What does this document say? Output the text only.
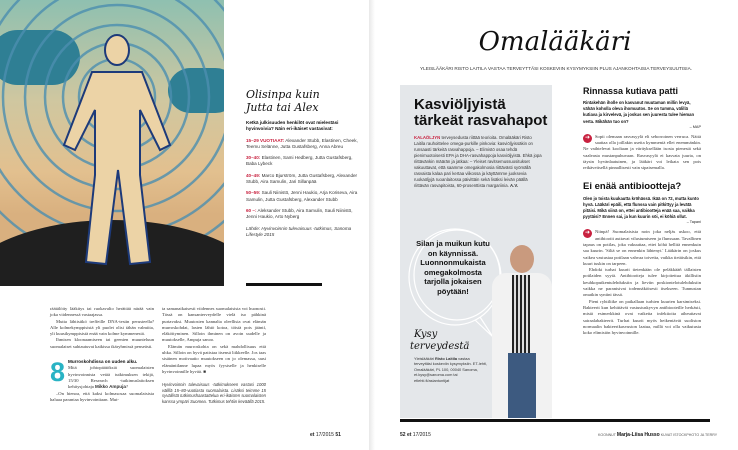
Olisinpa kuin
Jutta tai Alex

Ketkä julkisuuden henkilöt ovat mielestäsi hyvinvoivia? Näin eri-ikäiset vastasivat:

15–29 VUOTIAAT: Alexander Stubb, Elastinen, Cheek, Teemu Selänne, Jutta Gustafsberg, Anna Abreu

30–40: Elastinen, Sami Hedberg, Jutta Gustafsberg, Baba Lybeck

40–49: Marco Bjurström, Jutta Gustafsberg, Alexander Stubb, Aira Samulin, Jari Sillanpää

50–59: Sauli Niinistö, Jenni Haukio, Arja Koriseva, Aira Samulin, Jutta Gustafsberg, Alexander Stubb

60 –: Aleksander Stubb, Aira Samulin, Sauli Niinistö, Jenni Haukio, Arto Nyberg

Lähde: Hyvinvoinnin tulevaisuus -tutkimus, Sanoma Lifestyle 2015

räätälöity lääkitys tai ruokavalio herättää närää vain joka viidennessä vastaajassa.

Mutta lähtisitkö treffeille DNA-testin perusteella? Alle kolmekymppisistä yli puolet olisi tähän valmiita, yli kuusikymppisistä enää vain kolme kymmenestä.

Ihmisen kloonaamiseen tai geenien muunteluun suomalaiset suhtautuvat kaikissa ikäryhmissä penseästi.

8 Murroskohdissa on uuden alku.

Mitä johtopäätöksiä suomalaisten hyvinvoinnista vetää tutkimuksen tekijä, 15/30 Research -tutkimuslaitoksen kehitysjohtaja Mikko Ampuja?

–On hienoa, että kaksi kolmasosaa suomalaisista haluaa parantaa hyvinvointiaan. Mut-

ta samanaikaisesti viidennes suomalaisista voi huonosti. Tässä on kansanterveydelle vielä iso pähkinä purtavaksi. Muutosten kannalta oleellisia ovat elämän murroskohdat, lasten lähtö kotoa, töistä pois jääntí, eläköityminen. Silloin ihminen on avoin uudelle ja muutokselle, Ampuja sanoo.

Elämän murroskohta on sekä mahdollisuus että uhka. Silloin on hyvä patistaa itsensä liikkeelle. Jos taas sisäinen motivaatio muutokseen on jo olemassa, uusi elämäntilanne lupaa myös fyysiselle ja henkiselle hyvinvoinnille hyvää. ■

Hyvinvoinnin tulevaisuus -tutkimukseen vastasi 1000 välillä 15–80-vuotiasta suomalaista. Lisäksi teimme 15 syvällistä tutkimushaastattelua eri-ikäisten suomalaisten kanssa ympäri Suomea. Tutkimus tehtiin keväällä 2015.

et 17/2015 51
Omalääkäri
YLEISLÄÄKÄRI RISTO LAITILA VASTAA TERVEYTTÄSI KOSKEVIIN KYSYMYKSIIN PLUS AJANKOHTAISIA TERVEYSUUTISIA.
Kasviöljyistä tärkeät rasvahapot
KALAÖLJYN terveysedusta riittää teorioita. Omalääkäri Risto Laitila rauhoittelee omega-purkille pinkovia: kasviöljyissäkin on runsaasti tärkeitä rasvahappoja. – Elimistö osaa tehdä pienimuotoisesti EPA ja DHA-rasvahappoja kasviöljyistä. Ehkä jopa riittävänkin määrän ja jatkaa: – Yleiset ravitsemussuositukset vakuuttavat, että saamme omegakolmosia riittävästi syömällä rasvaista kalaa pari kertaa viikossa ja käyttämme juoksevia ruokaöljyjä ruoanlaitossa päivittäin sekä lisäksi leivän päällä riittävän rasvapitoista, 60-prosenttista margariinia. A.V.
Silan ja muikun kutu on käynnissä. Luonnonmukaista omegakolmosta tarjolla jokaisen pöytään!
Kysy
terveydestä
Yleislääkäri Risto Laitila vastaa terveyttäsi koskeviin kysymyksiin. ET-lehti, Omalääkäri, PL 100, 00040 Sanoma, et.kysy@sanoma.com tai etlehti.fi/asiantuntijat
Rinnassa kutiava patti

Rintakehän iholle on kasvanut muutaman millin levyä, vähän koholla oleva ihomuutos. Se on tumma, välillä kutiava ja kirvelevä, ja joskus sen juuresta tulee hieman verta. Mikähän tuo on?

– MAP

➜	Sopii olemaan rasvasyylä eli seborroinen verruca. Näitä saattaa olla joillakin useita kymmeniä ellei enemmänkin. Ne vaihtelevat kooltaan ja värityksellään isosta pienestä sekä vaaleasta mustanpuhuvaan. Rasvasyylä ei kasvata juuria, on täysin hyvänlaatuinen, ja lääkäri voi leikata sen pois reikäveitsellä pinnallisesti vain sipaisemalla.

Ei enää antibiootteja?

Olen jo toista kuukautta kröhässä. Ikää on 72, mutta kunto hyvä. Lääkäri epäili, että flunssa vain pitkittyy ja levätä pitäisi. Mikä siinä on, ettei antibiootteja enää saa, vaikka pyytäisi? Ennen sai, ja kun kuurin söi, ei köhiä ollut.

– Tapani

➜	Niinpä! Suomalaisista noin joka neljäs uskoo, että antibiootit auttavat vilustumiseen ja flunssaan. Tavallinen tapaus on potilas, joka vakuuttaa, ettei köhä hellitä ennenkuin saa kuurin. 'Siliä se on ennenkin lähtenyt.' Lääkärin on joskus vaikea vastustaa potilaan vahvaa toivetta, vaikka tietäisikin, että kuuri tuskin on tarpeen.

Ehdoki turhat kuurit tietenkään ole peläkkääň tällaisten potilaiden syytä. Antibiootteja tulee kirjoitettua äkillisiin keuhkoputkentulehduksiin ja lieviin poskiontelotulehduksiin vaikka ne paranisivat todennäköisesti itsekseen. Tunnustan omatkin syntini tässä.

Pieni ryhtiliike on paikallaan turhien kuurien karsimiseksi. Bakteerit kun kehittävät vastustuskyvyn antibiooteille herkästi, mistä esimerkkinä ovat vaikeita infektioita aiheuttavat sairaalabakteerit. Turhat kuurit myös heikentävät suoliston normaalin bakteerikasvuston laatua, millä voi olla vaikutusta koko elimistön hyvinvoinnille.

52 et 17/2015	KOONNUT Marja-Liisa Husso KUVAT ISTOCKPHOTO JA TERRY
